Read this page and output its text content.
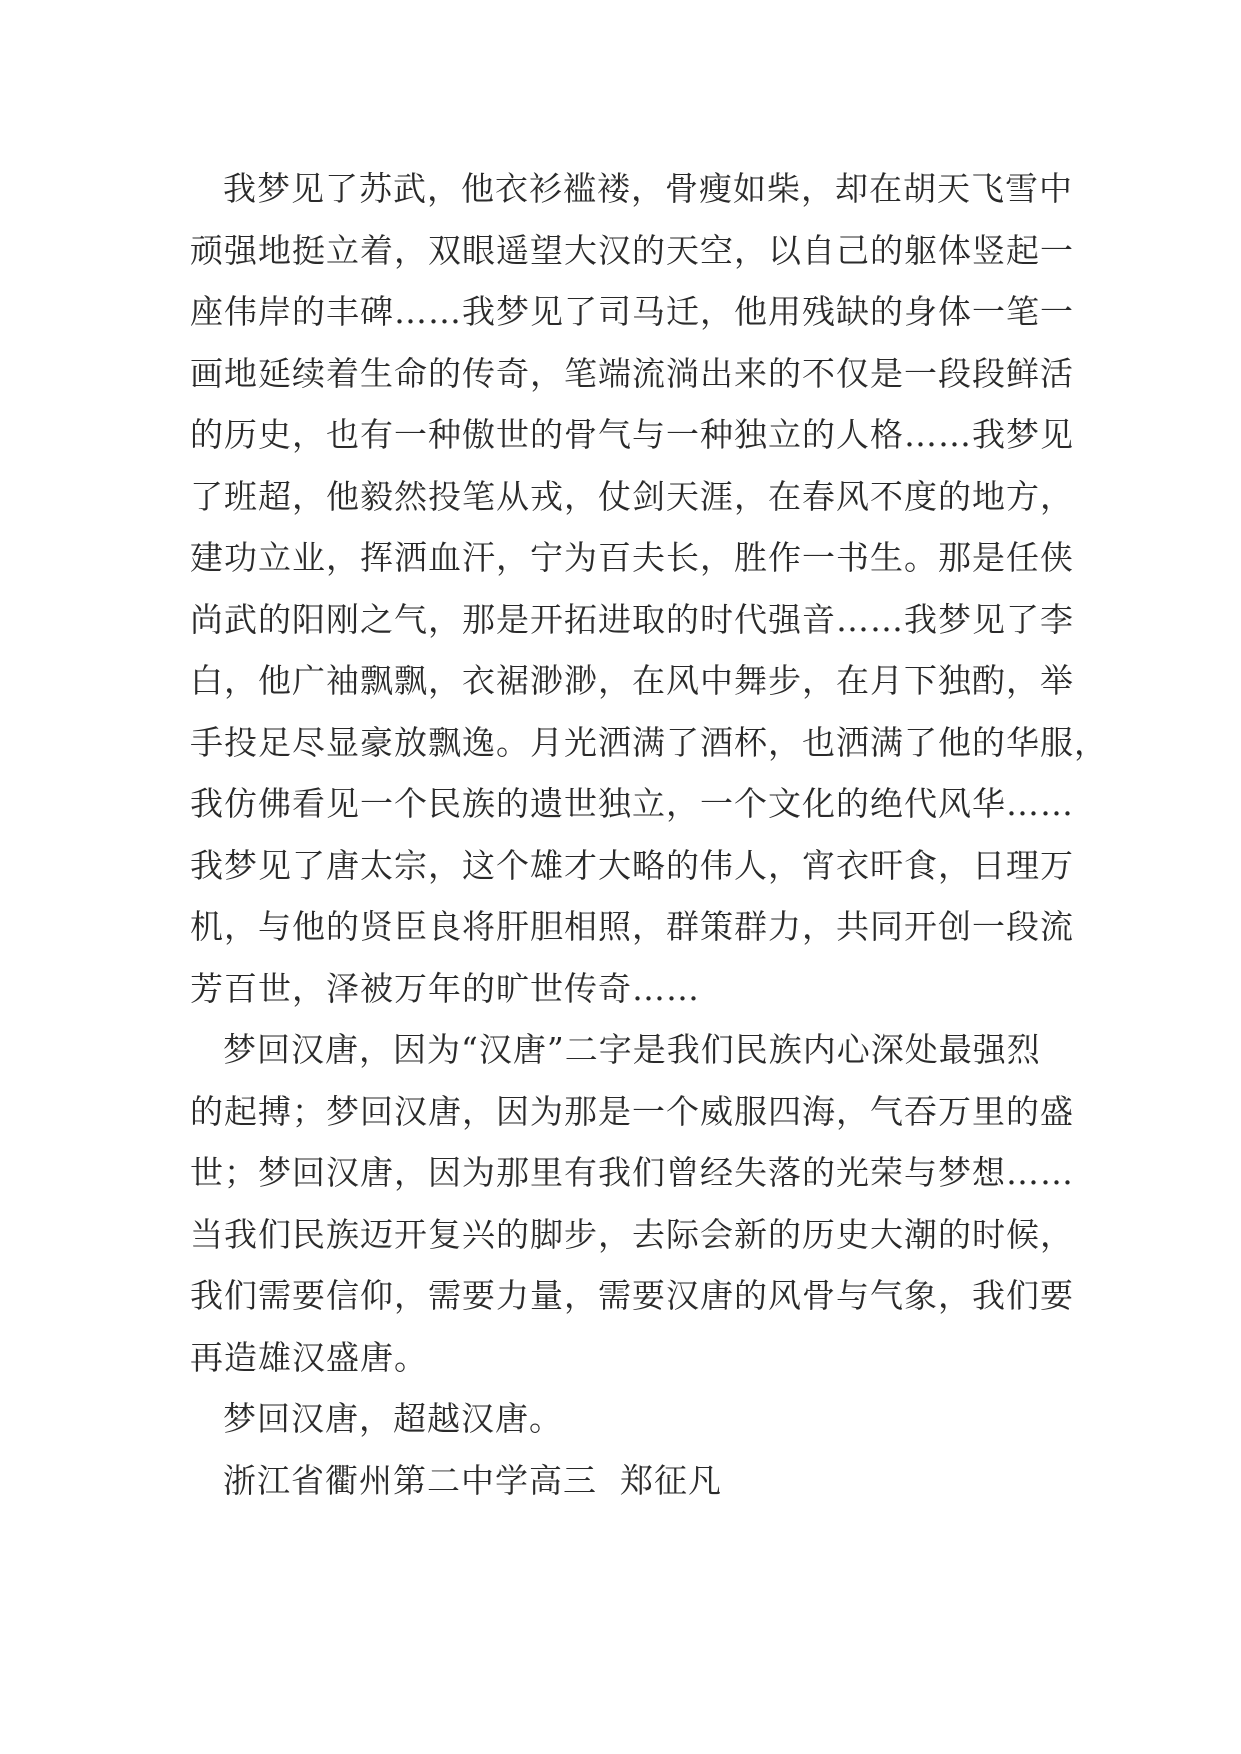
我梦见了苏武，他衣衫褴褛，骨瘦如柴，却在胡天飞雪中
顽强地挺立着，双眼遥望大汉的天空，以自己的躯体竖起一
座伟岸的丰碑……我梦见了司马迁，他用残缺的身体一笔一
画地延续着生命的传奇，笔端流淌出来的不仅是一段段鲜活
的历史，也有一种傲世的骨气与一种独立的人格……我梦见
了班超，他毅然投笔从戎，仗剑天涯，在春风不度的地方，
建功立业，挥洒血汗，宁为百夫长，胜作一书生。那是任侠
尚武的阳刚之气，那是开拓进取的时代强音……我梦见了李
白，他广袖飘飘，衣裾渺渺，在风中舞步，在月下独酌，举
手投足尽显豪放飘逸。月光洒满了酒杯，也洒满了他的华服，
我仿佛看见一个民族的遗世独立，一个文化的绝代风华……
我梦见了唐太宗，这个雄才大略的伟人，宵衣旰食，日理万
机，与他的贤臣良将肝胆相照，群策群力，共同开创一段流
芳百世，泽被万年的旷世传奇……
梦回汉唐，因为“汉唐”二字是我们民族内心深处最强烈
的起搏；梦回汉唐，因为那是一个威服四海，气吞万里的盛
世；梦回汉唐，因为那里有我们曾经失落的光荣与梦想……
当我们民族迈开复兴的脚步，去际会新的历史大潮的时候，
我们需要信仰，需要力量，需要汉唐的风骨与气象，我们要
再造雄汉盛唐。
梦回汉唐，超越汉唐。
浙江省衢州第二中学高三  郑征凡
